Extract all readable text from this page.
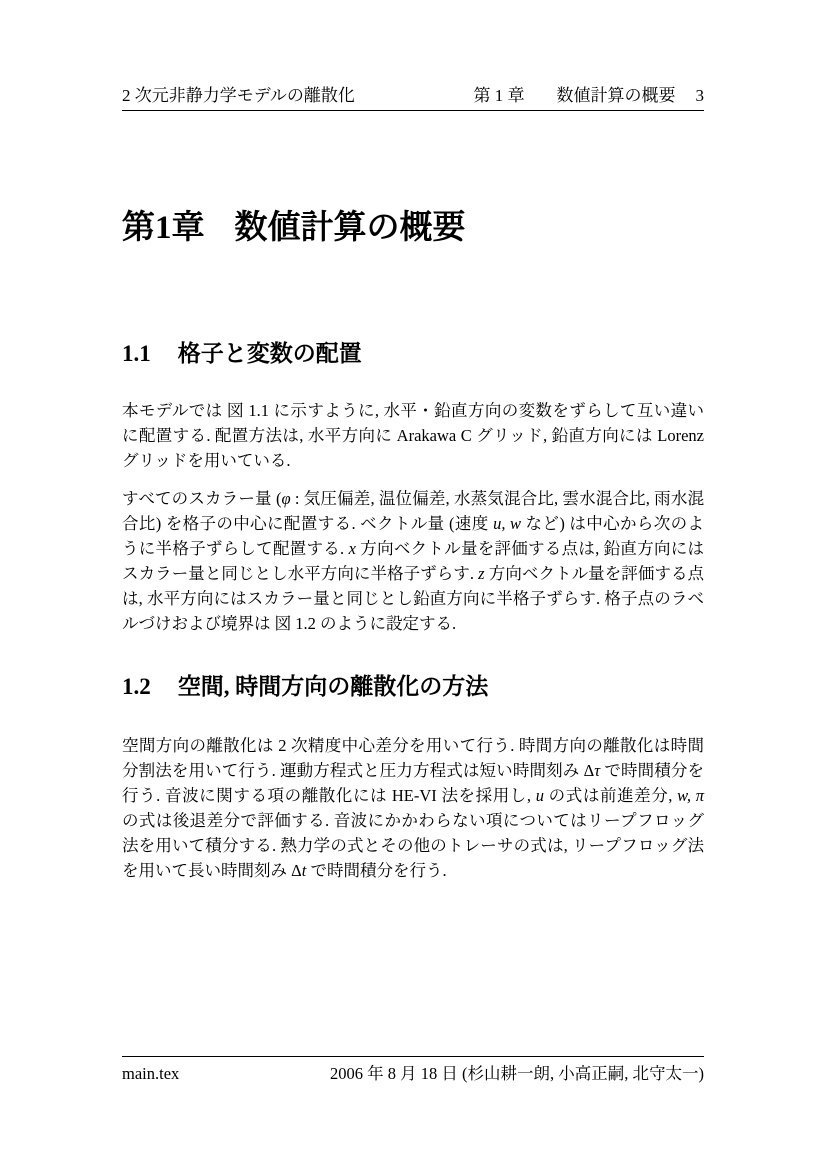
2 次元非静力学モデルの離散化	第 1 章 数値計算の概要 3
第1章 数値計算の概要
1.1 格子と変数の配置
本モデルでは 図 1.1 に示すように, 水平・鉛直方向の変数をずらして互い違いに配置する. 配置方法は, 水平方向に Arakawa C グリッド, 鉛直方向には Lorenz グリッドを用いている.
すべてのスカラー量 (φ : 気圧偏差, 温位偏差, 水蒸気混合比, 雲水混合比, 雨水混合比) を格子の中心に配置する. ベクトル量 (速度 u, w など) は中心から次のように半格子ずらして配置する. x 方向ベクトル量を評価する点は, 鉛直方向にはスカラー量と同じとし水平方向に半格子ずらす. z 方向ベクトル量を評価する点は, 水平方向にはスカラー量と同じとし鉛直方向に半格子ずらす. 格子点のラベルづけおよび境界は 図 1.2 のように設定する.
1.2 空間, 時間方向の離散化の方法
空間方向の離散化は 2 次精度中心差分を用いて行う. 時間方向の離散化は時間分割法を用いて行う. 運動方程式と圧力方程式は短い時間刻み Δτ で時間積分を行う. 音波に関する項の離散化には HE-VI 法を採用し, u の式は前進差分, w, π の式は後退差分で評価する. 音波にかかわらない項についてはリープフロッグ法を用いて積分する. 熱力学の式とその他のトレーサの式は, リープフロッグ法を用いて長い時間刻み Δt で時間積分を行う.
main.tex	2006 年 8 月 18 日 (杉山耕一朗, 小高正嗣, 北守太一)
